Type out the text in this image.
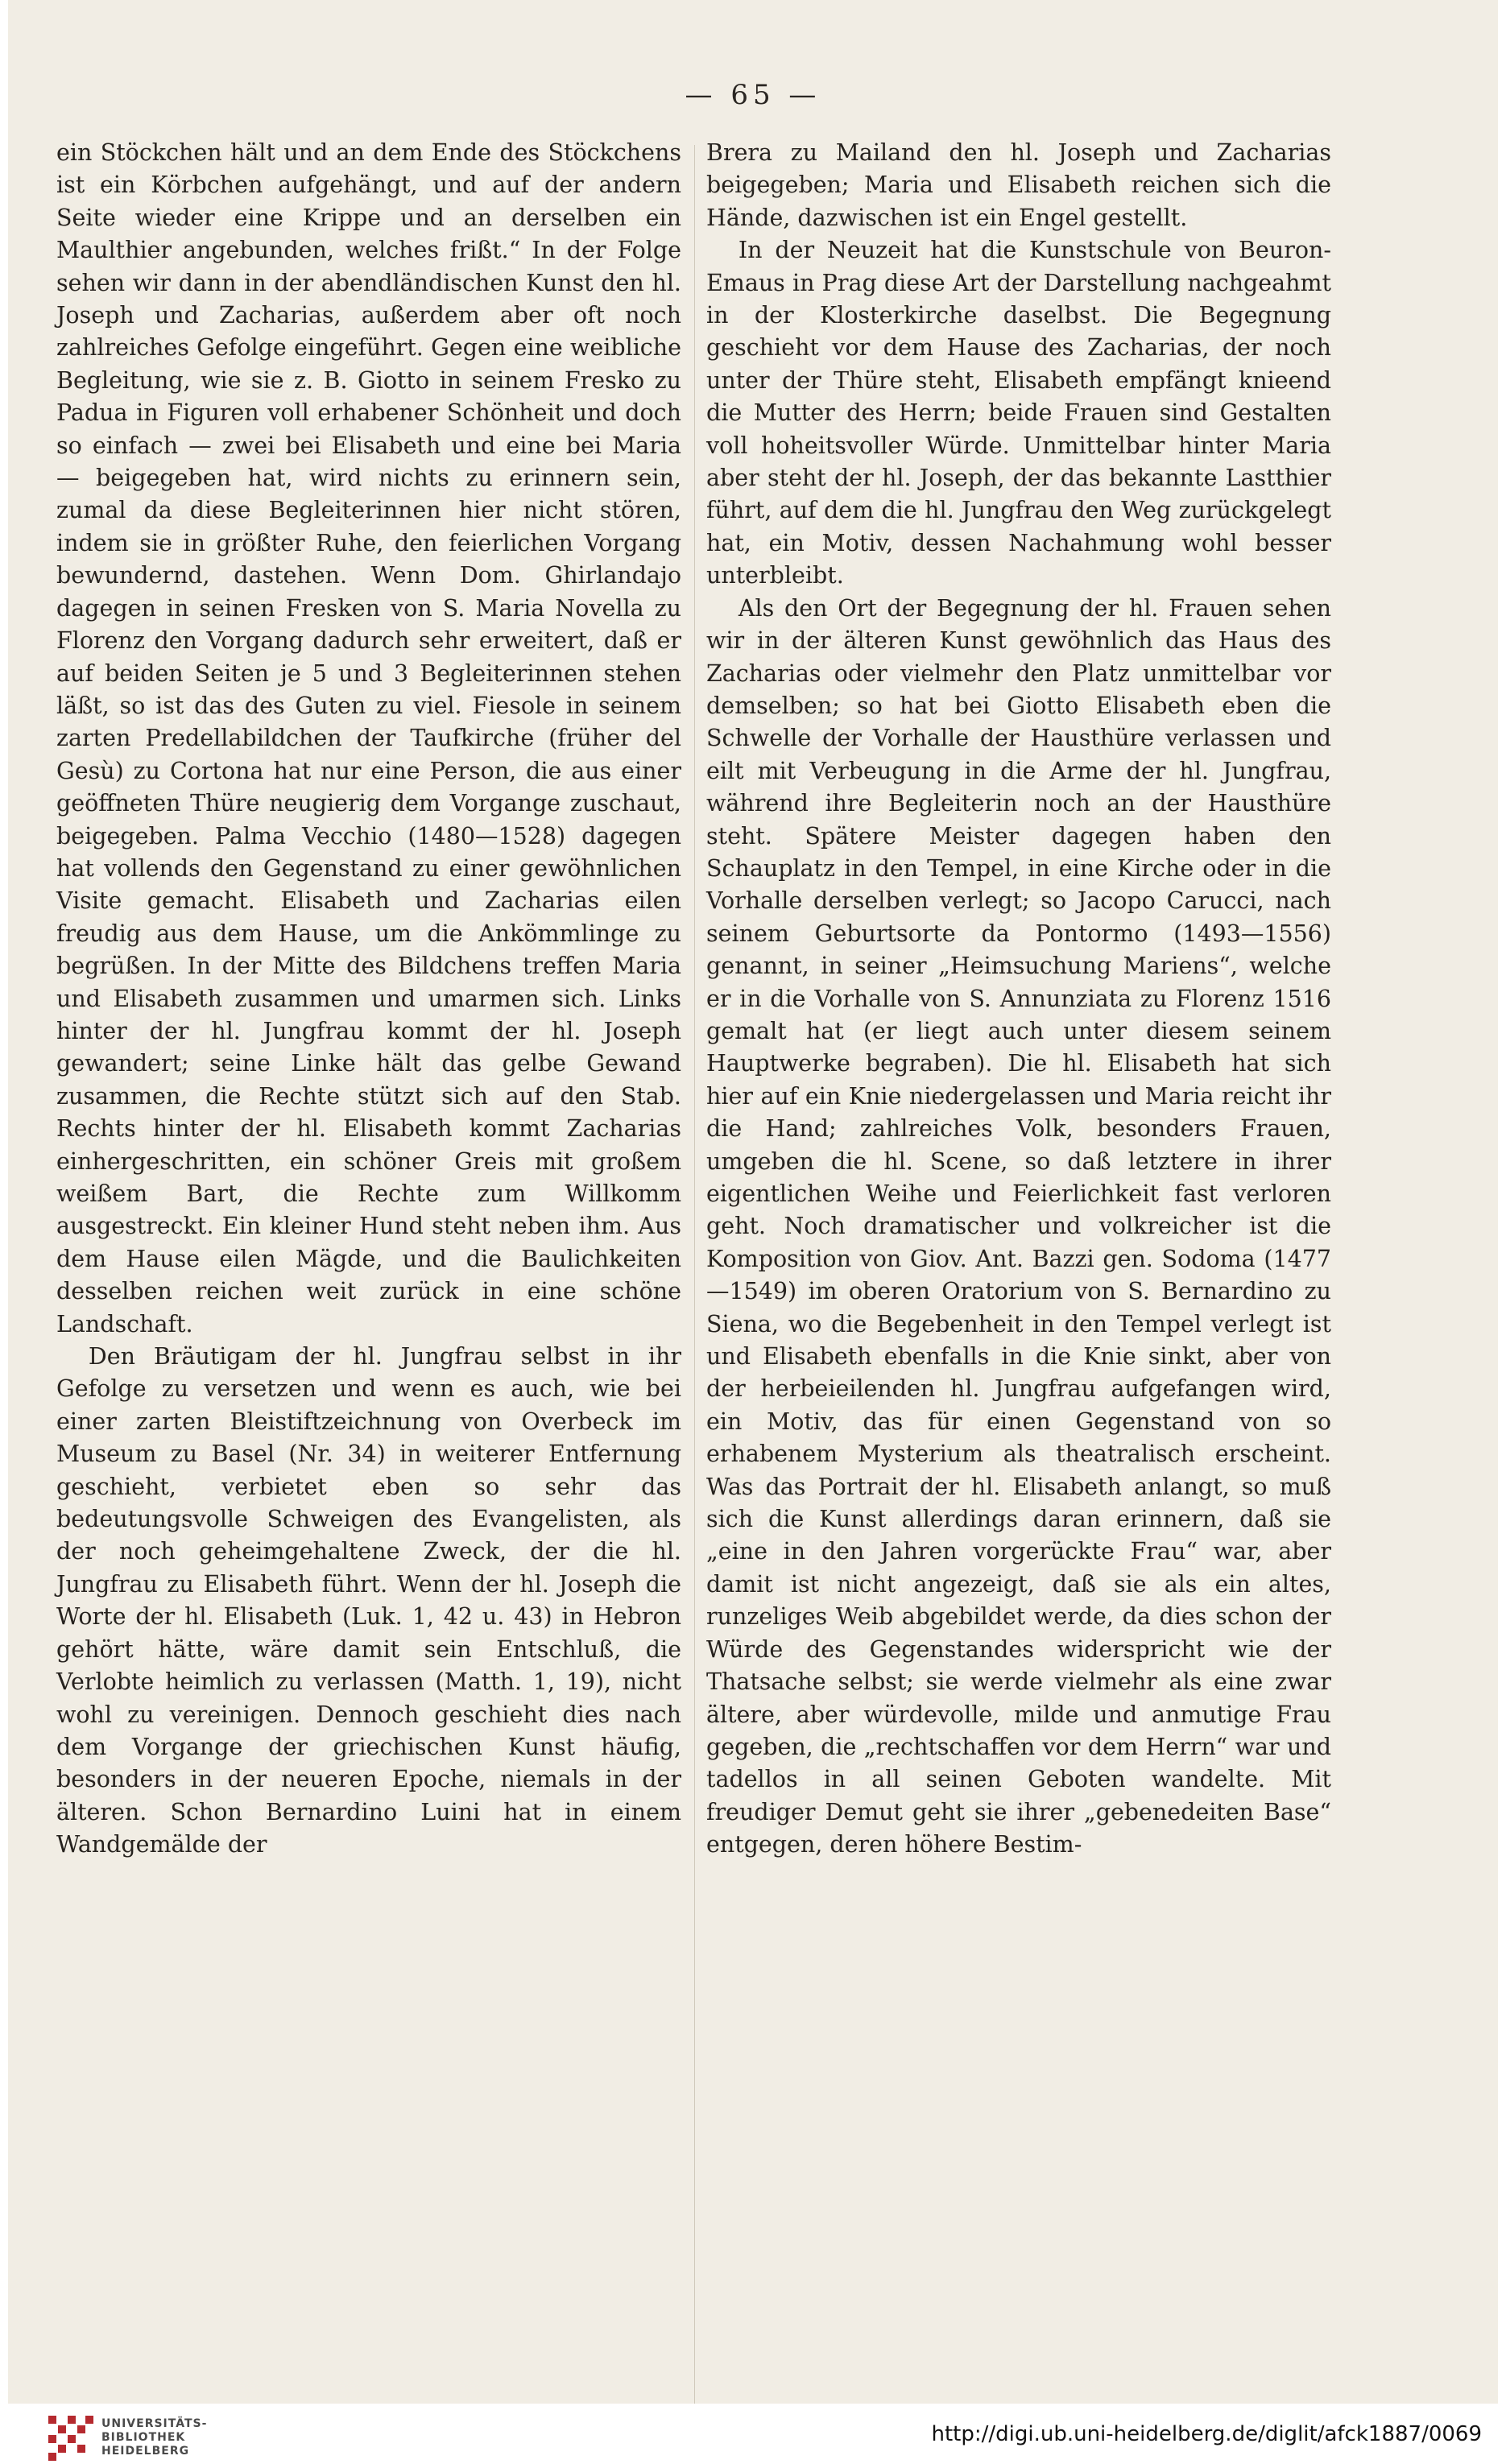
— 65 —

ein Stöckchen hält und an dem Ende des Stöckchens ist ein Körbchen aufgehängt, und auf der andern Seite wieder eine Krippe und an derselben ein Maulthier angebunden, welches frißt.“ In der Folge sehen wir dann in der abendländischen Kunst den hl. Joseph und Zacharias, außerdem aber oft noch zahlreiches Gefolge eingeführt. Gegen eine weibliche Begleitung, wie sie z. B. Giotto in seinem Fresko zu Padua in Figuren voll erhabener Schönheit und doch so einfach — zwei bei Elisabeth und eine bei Maria — beigegeben hat, wird nichts zu erinnern sein, zumal da diese Begleiterinnen hier nicht stören, indem sie in größter Ruhe, den feierlichen Vorgang bewundernd, dastehen. Wenn Dom. Ghirlandajo dagegen in seinen Fresken von S. Maria Novella zu Florenz den Vorgang dadurch sehr erweitert, daß er auf beiden Seiten je 5 und 3 Begleiterinnen stehen läßt, so ist das des Guten zu viel. Fiesole in seinem zarten Predellabildchen der Taufkirche (früher del Gesù) zu Cortona hat nur eine Person, die aus einer geöffneten Thüre neugierig dem Vorgange zuschaut, beigegeben. Palma Vecchio (1480—1528) dagegen hat vollends den Gegenstand zu einer gewöhnlichen Visite gemacht. Elisabeth und Zacharias eilen freudig aus dem Hause, um die Ankömmlinge zu begrüßen. In der Mitte des Bildchens treffen Maria und Elisabeth zusammen und umarmen sich. Links hinter der hl. Jungfrau kommt der hl. Joseph gewandert; seine Linke hält das gelbe Gewand zusammen, die Rechte stützt sich auf den Stab. Rechts hinter der hl. Elisabeth kommt Zacharias einhergeschritten, ein schöner Greis mit großem weißem Bart, die Rechte zum Willkomm ausgestreckt. Ein kleiner Hund steht neben ihm. Aus dem Hause eilen Mägde, und die Baulichkeiten desselben reichen weit zurück in eine schöne Landschaft.

Den Bräutigam der hl. Jungfrau selbst in ihr Gefolge zu versetzen und wenn es auch, wie bei einer zarten Bleistiftzeichnung von Overbeck im Museum zu Basel (Nr. 34) in weiterer Entfernung geschieht, verbietet eben so sehr das bedeutungsvolle Schweigen des Evangelisten, als der noch geheimgehaltene Zweck, der die hl. Jungfrau zu Elisabeth führt. Wenn der hl. Joseph die Worte der hl. Elisabeth (Luk. 1, 42 u. 43) in Hebron gehört hätte, wäre damit sein Entschluß, die Verlobte heimlich zu verlassen (Matth. 1, 19), nicht wohl zu vereinigen. Dennoch geschieht dies nach dem Vorgange der griechischen Kunst häufig, besonders in der neueren Epoche, niemals in der älteren. Schon Bernardino Luini hat in einem Wandgemälde der

Brera zu Mailand den hl. Joseph und Zacharias beigegeben; Maria und Elisabeth reichen sich die Hände, dazwischen ist ein Engel gestellt.

In der Neuzeit hat die Kunstschule von Beuron-Emaus in Prag diese Art der Darstellung nachgeahmt in der Klosterkirche daselbst. Die Begegnung geschieht vor dem Hause des Zacharias, der noch unter der Thüre steht, Elisabeth empfängt knieend die Mutter des Herrn; beide Frauen sind Gestalten voll hoheitsvoller Würde. Unmittelbar hinter Maria aber steht der hl. Joseph, der das bekannte Lastthier führt, auf dem die hl. Jungfrau den Weg zurückgelegt hat, ein Motiv, dessen Nachahmung wohl besser unterbleibt.

Als den Ort der Begegnung der hl. Frauen sehen wir in der älteren Kunst gewöhnlich das Haus des Zacharias oder vielmehr den Platz unmittelbar vor demselben; so hat bei Giotto Elisabeth eben die Schwelle der Vorhalle der Hausthüre verlassen und eilt mit Verbeugung in die Arme der hl. Jungfrau, während ihre Begleiterin noch an der Hausthüre steht. Spätere Meister dagegen haben den Schauplatz in den Tempel, in eine Kirche oder in die Vorhalle derselben verlegt; so Jacopo Carucci, nach seinem Geburtsorte da Pontormo (1493—1556) genannt, in seiner „Heimsuchung Mariens“, welche er in die Vorhalle von S. Annunziata zu Florenz 1516 gemalt hat (er liegt auch unter diesem seinem Hauptwerke begraben). Die hl. Elisabeth hat sich hier auf ein Knie niedergelassen und Maria reicht ihr die Hand; zahlreiches Volk, besonders Frauen, umgeben die hl. Scene, so daß letztere in ihrer eigentlichen Weihe und Feierlichkeit fast verloren geht. Noch dramatischer und volkreicher ist die Komposition von Giov. Ant. Bazzi gen. Sodoma (1477—1549) im oberen Oratorium von S. Bernardino zu Siena, wo die Begebenheit in den Tempel verlegt ist und Elisabeth ebenfalls in die Knie sinkt, aber von der herbeieilenden hl. Jungfrau aufgefangen wird, ein Motiv, das für einen Gegenstand von so erhabenem Mysterium als theatralisch erscheint. Was das Portrait der hl. Elisabeth anlangt, so muß sich die Kunst allerdings daran erinnern, daß sie „eine in den Jahren vorgerückte Frau“ war, aber damit ist nicht angezeigt, daß sie als ein altes, runzeliges Weib abgebildet werde, da dies schon der Würde des Gegenstandes widerspricht wie der Thatsache selbst; sie werde vielmehr als eine zwar ältere, aber würdevolle, milde und anmutige Frau gegeben, die „rechtschaffen vor dem Herrn“ war und tadellos in all seinen Geboten wandelte. Mit freudiger Demut geht sie ihrer „gebenedeiten Base“ entgegen, deren höhere Bestim-

UNIVERSITÄTS-
BIBLIOTHEK
HEIDELBERG
http://digi.ub.uni-heidelberg.de/diglit/afck1887/0069
